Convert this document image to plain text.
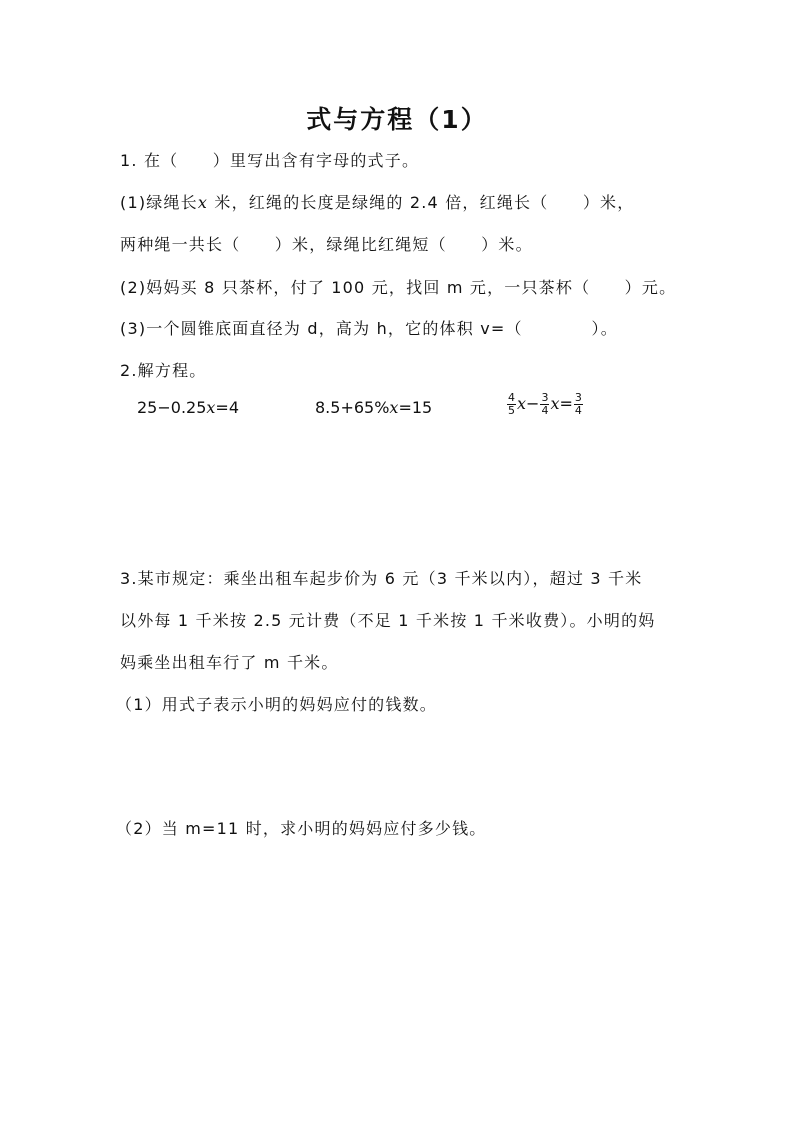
式与方程（1）
1. 在（　　）里写出含有字母的式子。
(1)绿绳长x 米，红绳的长度是绿绳的 2.4 倍，红绳长（　　）米，
两种绳一共长（　　）米，绿绳比红绳短（　　）米。
(2)妈妈买 8 只茶杯，付了 100 元，找回 m 元，一只茶杯（　　）元。
(3)一个圆锥底面直径为 d，高为 h，它的体积 v=（　　　　）。
2.解方程。
25−0.25x=4	8.5+65%x=15	$\frac{4}{5} x- \frac{3}{4} x= \frac{3}{4}$
3.某市规定：乘坐出租车起步价为 6 元（3 千米以内），超过 3 千米
以外每 1 千米按 2.5 元计费（不足 1 千米按 1 千米收费）。小明的妈
妈乘坐出租车行了 m 千米。
（1）用式子表示小明的妈妈应付的钱数。
（2）当 m=11 时，求小明的妈妈应付多少钱。
